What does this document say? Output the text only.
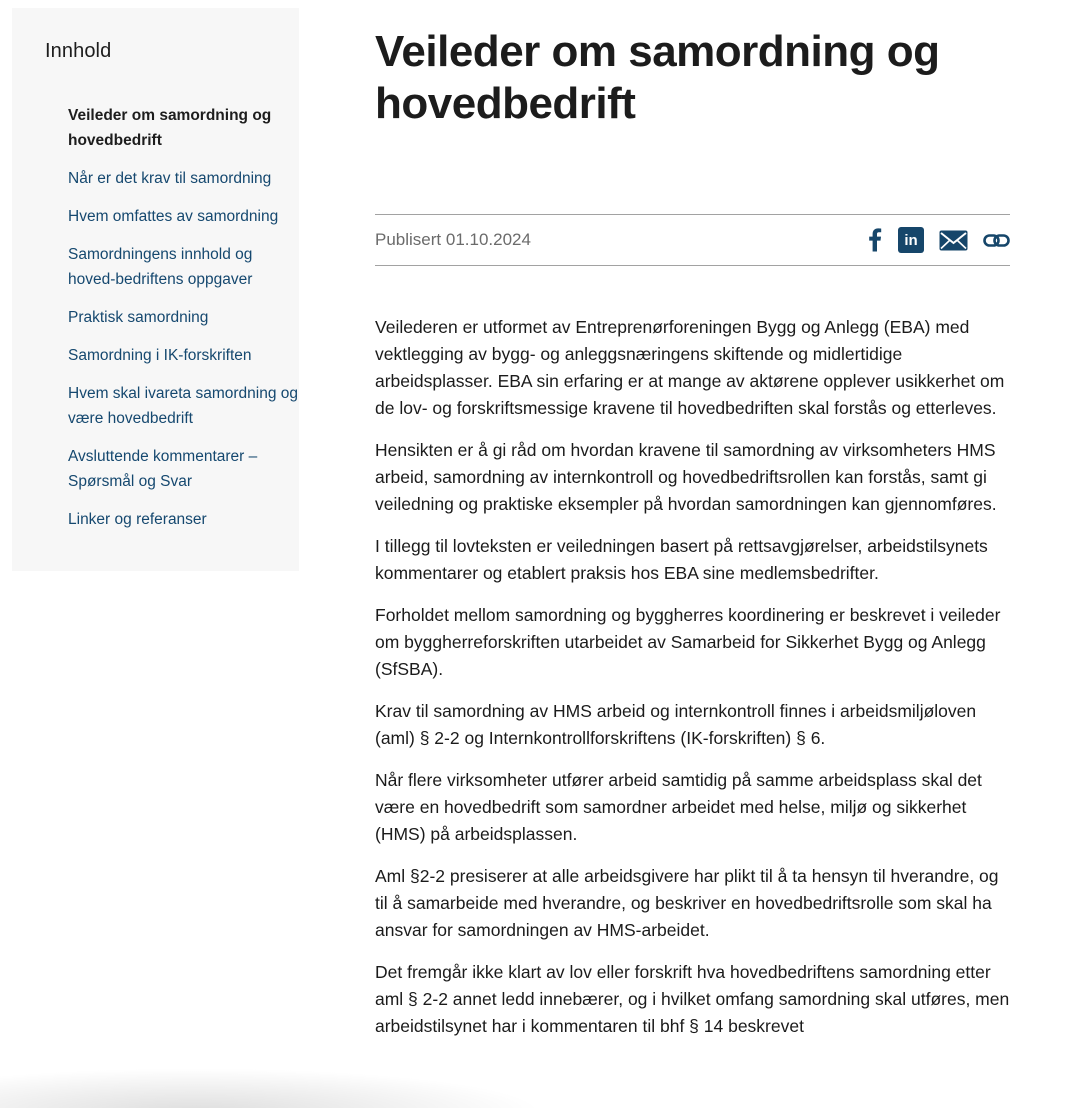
Innhold
Veileder om samordning og hovedbedrift
Når er det krav til samordning
Hvem omfattes av samordning
Samordningens innhold og hoved-bedriftens oppgaver
Praktisk samordning
Samordning i IK-forskriften
Hvem skal ivareta samordning og være hovedbedrift
Avsluttende kommentarer – Spørsmål og Svar
Linker og referanser
Veileder om samordning og hovedbedrift
Publisert 01.10.2024	in

Veilederen er utformet av Entreprenørforeningen Bygg og Anlegg (EBA) med vektlegging av bygg- og anleggsnæringens skiftende og midlertidige arbeidsplasser. EBA sin erfaring er at mange av aktørene opplever usikkerhet om de lov- og forskriftsmessige kravene til hovedbedriften skal forstås og etterleves.

Hensikten er å gi råd om hvordan kravene til samordning av virksomheters HMS arbeid, samordning av internkontroll og hovedbedriftsrollen kan forstås, samt gi veiledning og praktiske eksempler på hvordan samordningen kan gjennomføres.

I tillegg til lovteksten er veiledningen basert på rettsavgjørelser, arbeidstilsynets kommentarer og etablert praksis hos EBA sine medlemsbedrifter.

Forholdet mellom samordning og byggherres koordinering er beskrevet i veileder om byggherreforskriften utarbeidet av Samarbeid for Sikkerhet Bygg og Anlegg (SfSBA).

Krav til samordning av HMS arbeid og internkontroll finnes i arbeidsmiljøloven (aml) § 2-2 og Internkontrollforskriftens (IK-forskriften) § 6.

Når flere virksomheter utfører arbeid samtidig på samme arbeidsplass skal det være en hovedbedrift som samordner arbeidet med helse, miljø og sikkerhet (HMS) på arbeidsplassen.

Aml §2-2 presiserer at alle arbeidsgivere har plikt til å ta hensyn til hverandre, og til å samarbeide med hverandre, og beskriver en hovedbedriftsrolle som skal ha ansvar for samordningen av HMS-arbeidet.

Det fremgår ikke klart av lov eller forskrift hva hovedbedriftens samordning etter aml § 2-2 annet ledd innebærer, og i hvilket omfang samordning skal utføres, men arbeidstilsynet har i kommentaren til bhf § 14 beskrevet
